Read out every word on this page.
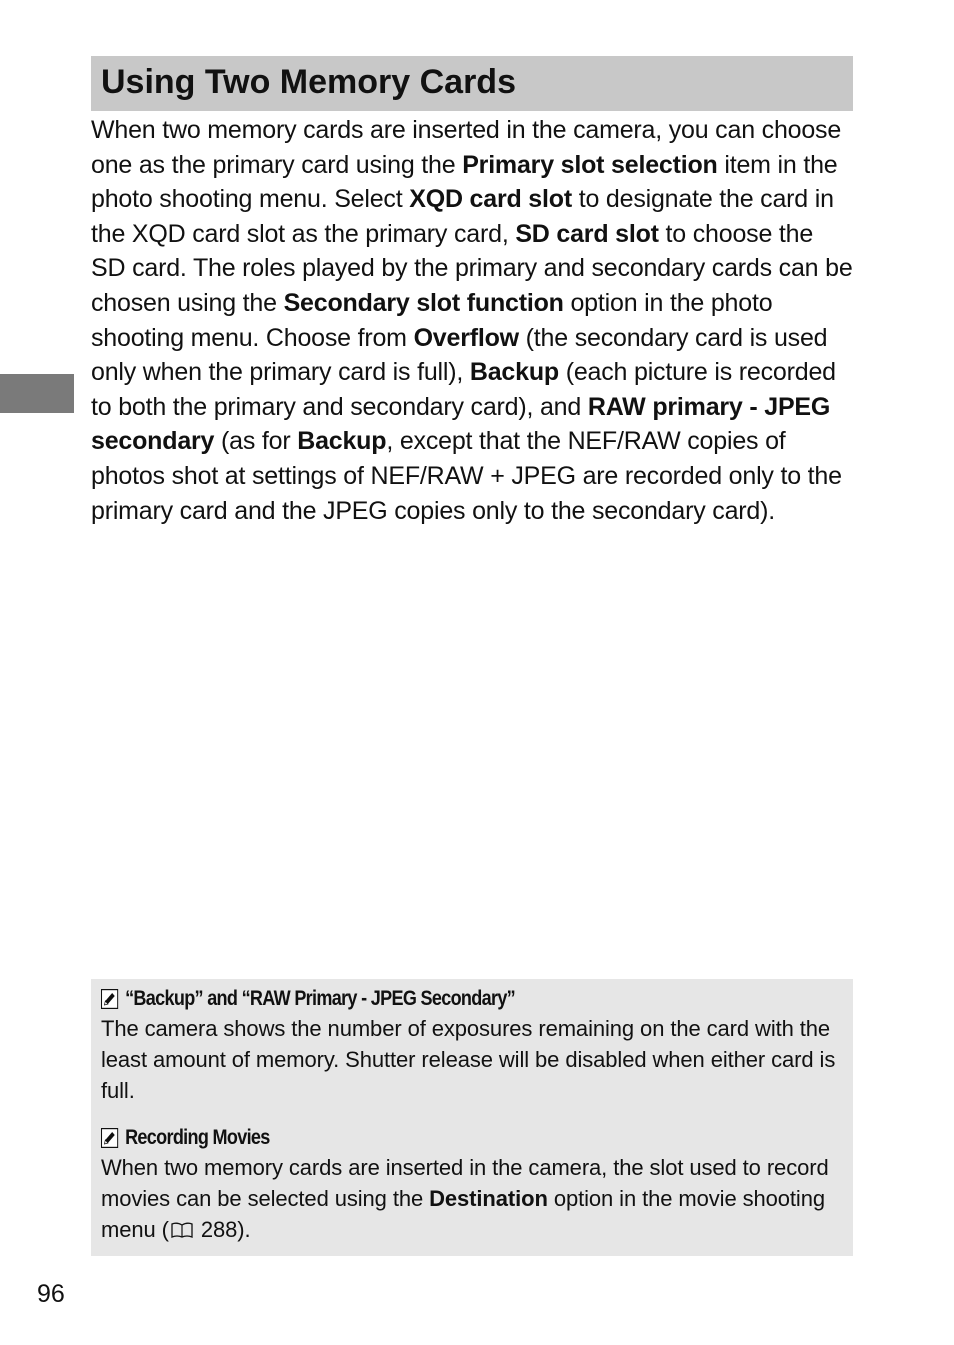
Using Two Memory Cards

When two memory cards are inserted in the camera, you can choose one as the primary card using the Primary slot selection item in the photo shooting menu. Select XQD card slot to designate the card in the XQD card slot as the primary card, SD card slot to choose the SD card. The roles played by the primary and secondary cards can be chosen using the Secondary slot function option in the photo shooting menu. Choose from Overflow (the secondary card is used only when the primary card is full), Backup (each picture is recorded to both the primary and secondary card), and RAW primary - JPEG secondary (as for Backup, except that the NEF/RAW copies of photos shot at settings of NEF/RAW + JPEG are recorded only to the primary card and the JPEG copies only to the secondary card).

“Backup” and “RAW Primary - JPEG Secondary”

The camera shows the number of exposures remaining on the card with the least amount of memory. Shutter release will be disabled when either card is full.

Recording Movies

When two memory cards are inserted in the camera, the slot used to record movies can be selected using the Destination option in the movie shooting menu ( 288).

96
